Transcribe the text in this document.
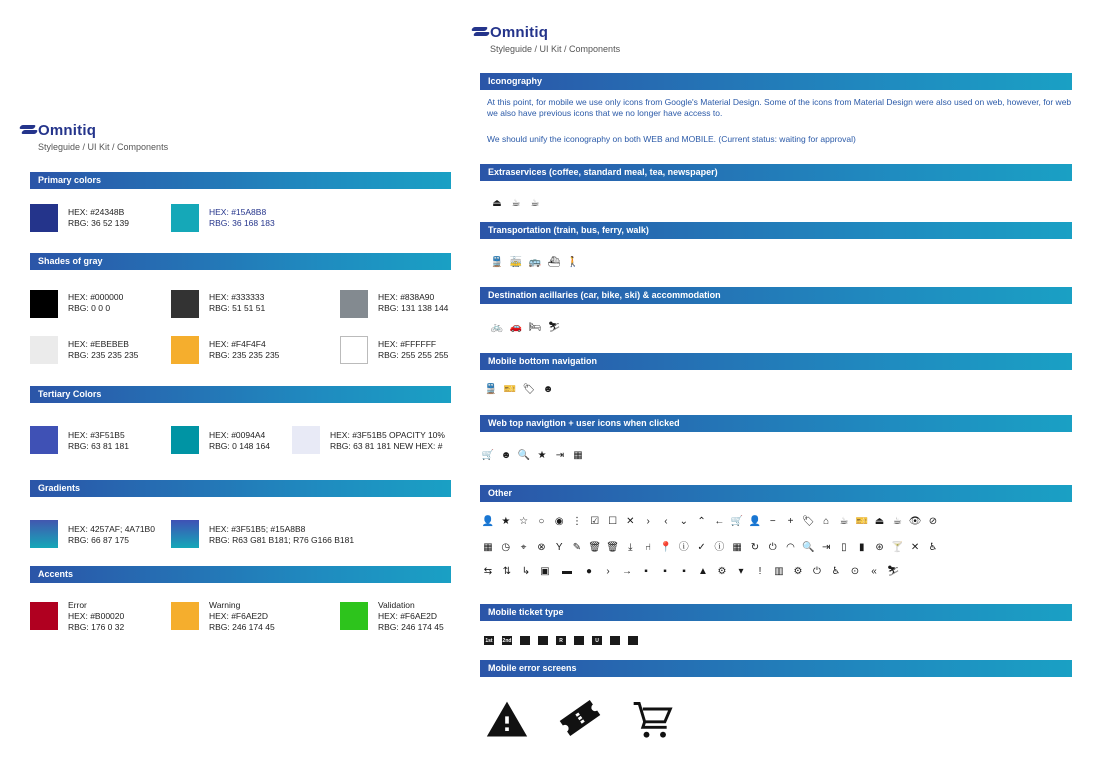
Omnitiq
Styleguide / UI Kit / Components
Primary colors
HEX: #24348B
RBG: 36 52 139
HEX: #15A8B8
RBG: 36 168 183
Shades of gray
HEX: #000000
RBG: 0 0 0
HEX: #333333
RBG: 51 51 51
HEX: #838A90
RBG: 131 138 144
HEX: #EBEBEB
RBG: 235 235 235
HEX: #F4F4F4
RBG: 235 235 235
HEX: #FFFFFF
RBG: 255 255 255
Tertiary Colors
HEX: #3F51B5
RBG: 63 81 181
HEX: #0094A4
RBG: 0 148 164
HEX: #3F51B5 OPACITY 10%
RBG: 63 81 181 NEW HEX: #
Gradients
HEX: 4257AF; 4A71B0
RBG: 66 87 175
HEX: #3F51B5; #15A8B8
RBG: R63 G81 B181; R76 G166 B181
Accents
Error
HEX: #B00020
RBG: 176 0 32
Warning
HEX: #F6AE2D
RBG: 246 174 45
Validation
HEX: #F6AE2D
RBG: 246 174 45
Omnitiq
Styleguide / UI Kit / Components
Iconography
At this point, for mobile we use only icons from Google's Material Design. Some of the icons from Material Design were also used on web, however, for web we also have previous icons that we no longer have access to.
We should unify the iconography on both WEB and MOBILE. (Current status: waiting for approval)
Extraservices (coffee, standard meal, tea, newspaper)
⏏ ☕ ☕
Transportation (train, bus, ferry, walk)
🚆 🚋 🚌 ⛴ 🚶
Destination acillaries (car, bike, ski) & accommodation
🚲 🚗 🛏 ⛷
Mobile bottom navigation
🚆 🎫 🏷 ☻
Web top navigtion + user icons when clicked
🛒 ☻ 🔍 ★ ⇥ ▦
Other
👤 ★ ☆	○	◉ ⋮ ☑ ☐ ✕	›	‹	⌄ ⌃ ← 🛒 👤 −	+ 🏷 ⌂	☕ 🎫 ⏏ ☕ 👁 ⊘
▦ ◷	⌖	⊗	Y	✎ 🗑 🗑 ⤓	⑁ 📍 ⓘ ✓ ⓘ ▦ ↻ ⏻ ◠ 🔍 ⇥	▯	▮	⊛ 🍸 ✕ ♿
⇆ ⇅ ↳ ▣	▬	●	›	→	▪	▪	▪	▲ ⚙	▾	!	▥ ⚙	⏻	♿ ⊙	« ⛷
Mobile ticket type
1st 2nd	R	U
Mobile error screens
